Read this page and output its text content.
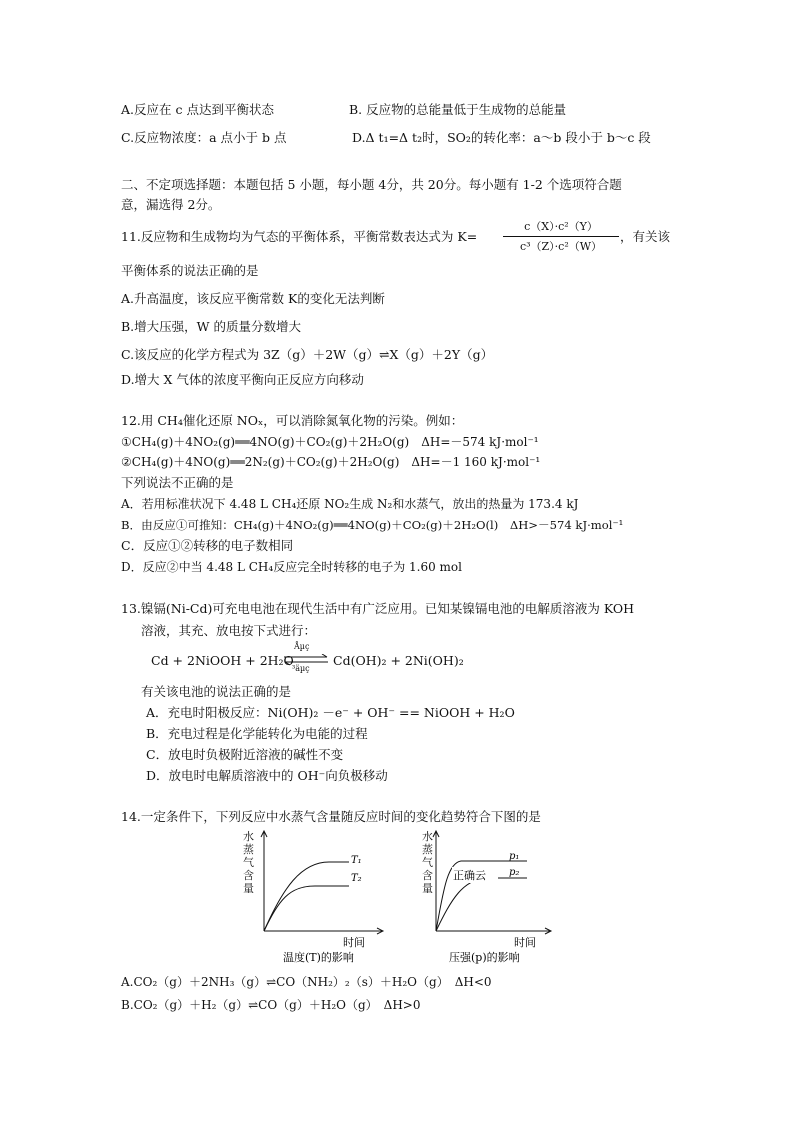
A.反应在 c 点达到平衡状态	B. 反应物的总能量低于生成物的总能量
C.反应物浓度：a 点小于 b 点	D.Δ t₁=Δ t₂时，SO₂的转化率：a～b 段小于 b～c 段
二、不定项选择题：本题包括 5 小题，每小题 4分，共 20分。每小题有 1-2 个选项符合题
意，漏选得 2分。
11.反应物和生成物均为气态的平衡体系，平衡常数表达式为 K=
c（X）·c²（Y）
c³（Z）·c²（W）
，有关该
平衡体系的说法正确的是
A.升高温度，该反应平衡常数 K的变化无法判断
B.增大压强，W 的质量分数增大
C.该反应的化学方程式为 3Z（g）＋2W（g）⇌X（g）＋2Y（g）
D.增大 X 气体的浓度平衡向正反应方向移动
12.用 CH₄催化还原 NOₓ，可以消除氮氧化物的污染。例如：
①CH₄(g)＋4NO₂(g)══4NO(g)＋CO₂(g)＋2H₂O(g)　ΔH=－574 kJ·mol⁻¹
②CH₄(g)＋4NO(g)══2N₂(g)＋CO₂(g)＋2H₂O(g)　ΔH=－1 160 kJ·mol⁻¹
下列说法不正确的是
A．若用标准状况下 4.48 L CH₄还原 NO₂生成 N₂和水蒸气，放出的热量为 173.4 kJ
B．由反应①可推知：CH₄(g)＋4NO₂(g)══4NO(g)＋CO₂(g)＋2H₂O(l)　ΔH>－574 kJ·mol⁻¹
C．反应①②转移的电子数相同
D．反应②中当 4.48 L CH₄反应完全时转移的电子为 1.60 mol
13.镍镉(Ni-Cd)可充电电池在现代生活中有广泛应用。已知某镍镉电池的电解质溶液为 KOH
溶液，其充、放电按下式进行：
Cd + 2NiOOH + 2H₂O
Åµç
³äµç
Cd(OH)₂ + 2Ni(OH)₂
有关该电池的说法正确的是
A．充电时阳极反应：Ni(OH)₂ －e⁻ + OH⁻ == NiOOH + H₂O
B．充电过程是化学能转化为电能的过程
C．放电时负极附近溶液的碱性不变
D．放电时电解质溶液中的 OH⁻向负极移动
14.一定条件下，下列反应中水蒸气含量随反应时间的变化趋势符合下图的是
水
蒸
气
含
量
T₁
T₂
时间
温度(T)的影响
水
蒸
气
含
量
p₁
p₂
正确云
时间
压强(p)的影响
A.CO₂（g）＋2NH₃（g）⇌CO（NH₂）₂（s）＋H₂O（g）　ΔH<0
B.CO₂（g）＋H₂（g）⇌CO（g）＋H₂O（g）　ΔH>0
